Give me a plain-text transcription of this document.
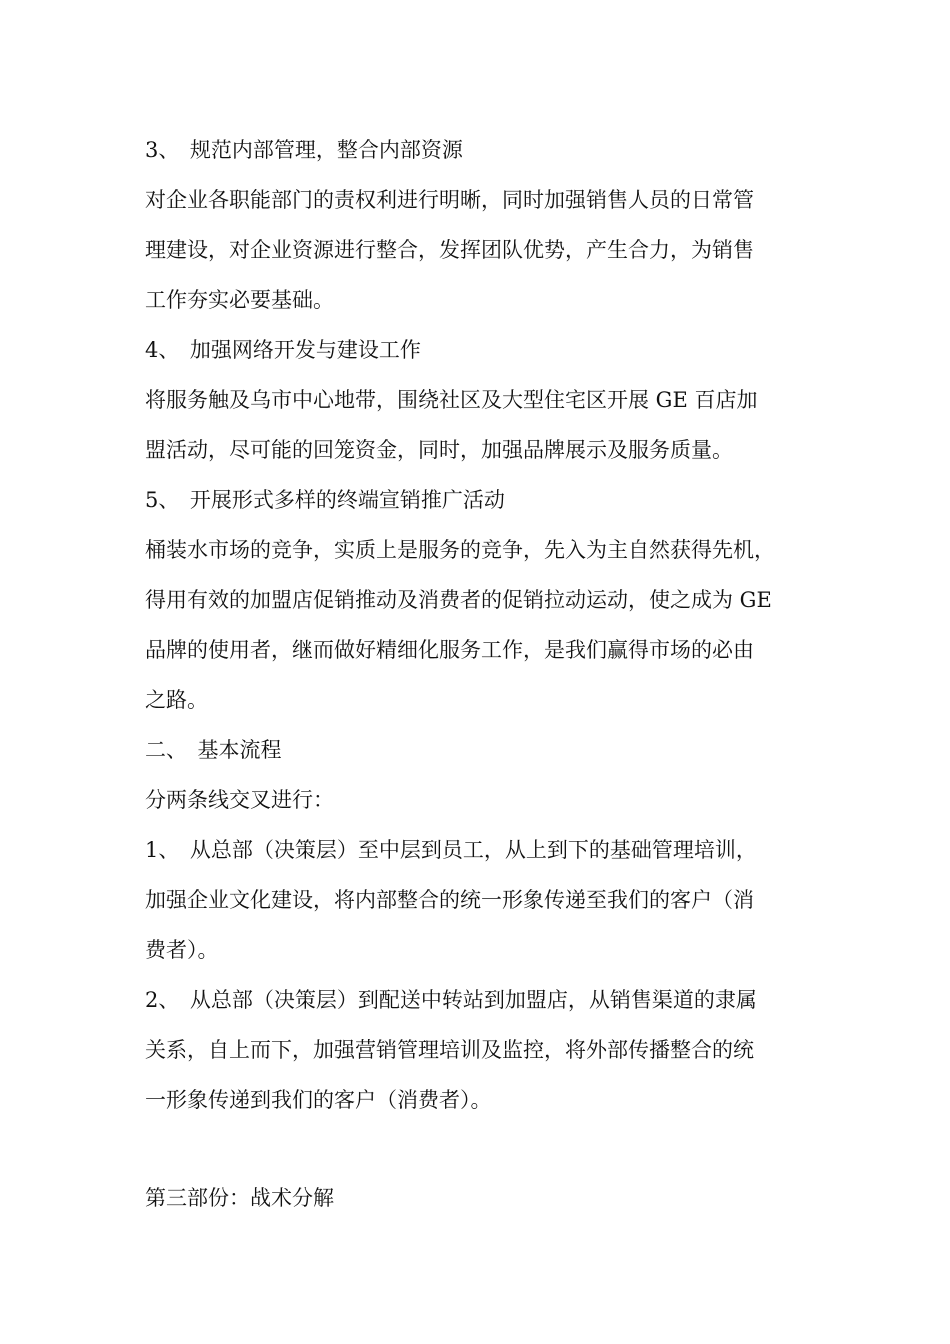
3、　规范内部管理，整合内部资源
对企业各职能部门的责权利进行明晰，同时加强销售人员的日常管
理建设，对企业资源进行整合，发挥团队优势，产生合力，为销售
工作夯实必要基础。
4、　加强网络开发与建设工作
将服务触及乌市中心地带，围绕社区及大型住宅区开展 GE 百店加
盟活动，尽可能的回笼资金，同时，加强品牌展示及服务质量。
5、　开展形式多样的终端宣销推广活动
桶装水市场的竞争，实质上是服务的竞争，先入为主自然获得先机，
得用有效的加盟店促销推动及消费者的促销拉动运动，使之成为 GE
品牌的使用者，继而做好精细化服务工作，是我们赢得市场的必由
之路。
二、　基本流程
分两条线交叉进行：
1、　从总部（决策层）至中层到员工，从上到下的基础管理培训，
加强企业文化建设，将内部整合的统一形象传递至我们的客户（消
费者）。
2、　从总部（决策层）到配送中转站到加盟店，从销售渠道的隶属
关系，自上而下，加强营销管理培训及监控，将外部传播整合的统
一形象传递到我们的客户（消费者）。
第三部份：战术分解
